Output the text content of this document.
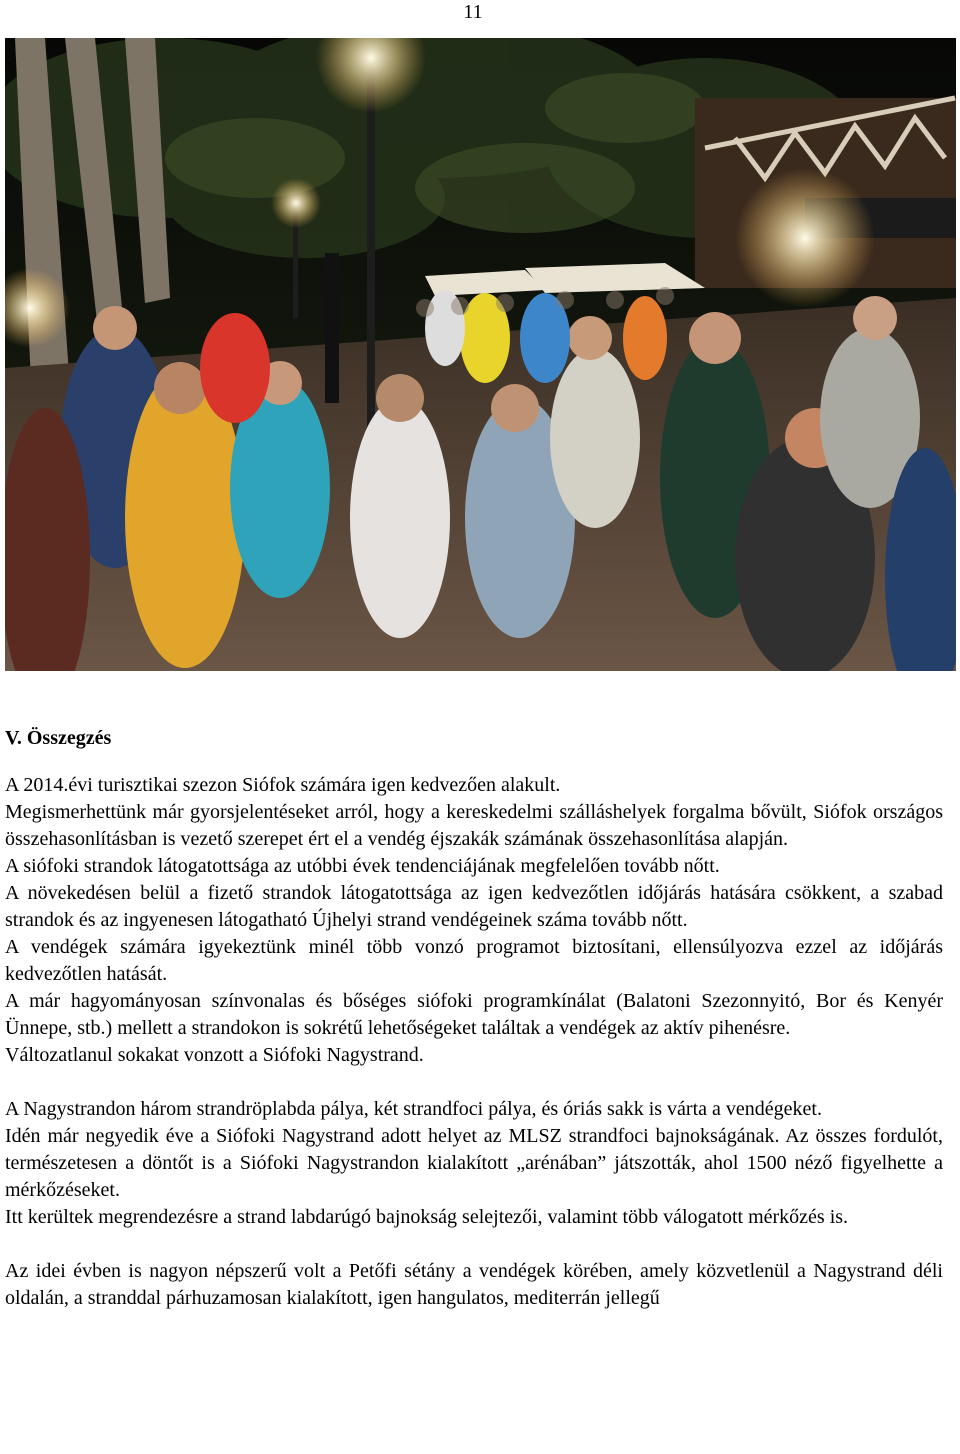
11
V. Összegzés

A 2014.évi turisztikai szezon Siófok számára igen kedvezően alakult.

Megismerhettünk már gyorsjelentéseket arról, hogy a kereskedelmi szálláshelyek forgalma bővült, Siófok országos összehasonlításban is vezető szerepet ért el a vendég éjszakák számának összehasonlítása alapján.

A siófoki strandok látogatottsága az utóbbi évek tendenciájának megfelelően tovább nőtt.

A növekedésen belül a fizető strandok látogatottsága az igen kedvezőtlen időjárás hatására csökkent, a szabad strandok és az ingyenesen látogatható Újhelyi strand vendégeinek száma tovább nőtt.

A vendégek számára igyekeztünk minél több vonzó programot biztosítani, ellensúlyozva ezzel az időjárás kedvezőtlen hatását.

A már hagyományosan színvonalas és bőséges siófoki programkínálat (Balatoni Szezonnyitó, Bor és Kenyér Ünnepe, stb.) mellett a strandokon is sokrétű lehetőségeket találtak a vendégek az aktív pihenésre.

Változatlanul sokakat vonzott a Siófoki Nagystrand.

A Nagystrandon három strandröplabda pálya, két strandfoci pálya, és óriás sakk is várta a vendégeket.

Idén már negyedik éve a Siófoki Nagystrand adott helyet az MLSZ strandfoci bajnokságának. Az összes fordulót, természetesen a döntőt is a Siófoki Nagystrandon kialakított „arénában” játszották, ahol 1500 néző figyelhette a mérkőzéseket.

Itt kerültek megrendezésre a strand labdarúgó bajnokság selejtezői, valamint több válogatott mérkőzés is.

Az idei évben is nagyon népszerű volt a Petőfi sétány a vendégek körében, amely közvetlenül a Nagystrand déli oldalán, a stranddal párhuzamosan kialakított, igen hangulatos, mediterrán jellegű
